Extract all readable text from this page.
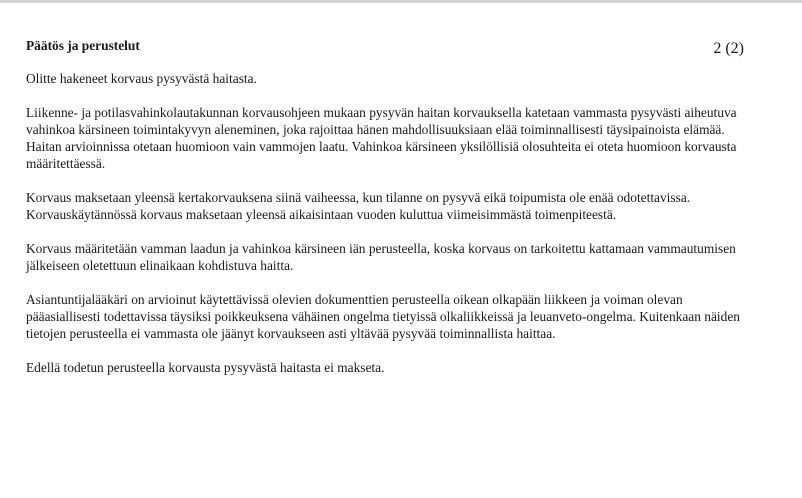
2 (2)

Päätös ja perustelut

Olitte hakeneet korvaus pysyvästä haitasta.

Liikenne- ja potilasvahinkolautakunnan korvausohjeen mukaan pysyvän haitan korvauksella katetaan vammasta pysyvästi aiheutuva vahinkoa kärsineen toimintakyvyn aleneminen, joka rajoittaa hänen mahdollisuuksiaan elää toiminnallisesti täysipainoista elämää. Haitan arvioinnissa otetaan huomioon vain vammojen laatu. Vahinkoa kärsineen yksilöllisiä olosuhteita ei oteta huomioon korvausta määritettäessä.

Korvaus maksetaan yleensä kertakorvauksena siinä vaiheessa, kun tilanne on pysyvä eikä toipumista ole enää odotettavissa. Korvauskäytännössä korvaus maksetaan yleensä aikaisintaan vuoden kuluttua viimeisimmästä toimenpiteestä.

Korvaus määritetään vamman laadun ja vahinkoa kärsineen iän perusteella, koska korvaus on tarkoitettu kattamaan vammautumisen jälkeiseen oletettuun elinaikaan kohdistuva haitta.

Asiantuntijalääkäri on arvioinut käytettävissä olevien dokumenttien perusteella oikean olkapään liikkeen ja voiman olevan pääasiallisesti todettavissa täysiksi poikkeuksena vähäinen ongelma tietyissä olkaliikkeissä ja leuanveto-ongelma. Kuitenkaan näiden tietojen perusteella ei vammasta ole jäänyt korvaukseen asti yltävää pysyvää toiminnallista haittaa.

Edellä todetun perusteella korvausta pysyvästä haitasta ei makseta.
